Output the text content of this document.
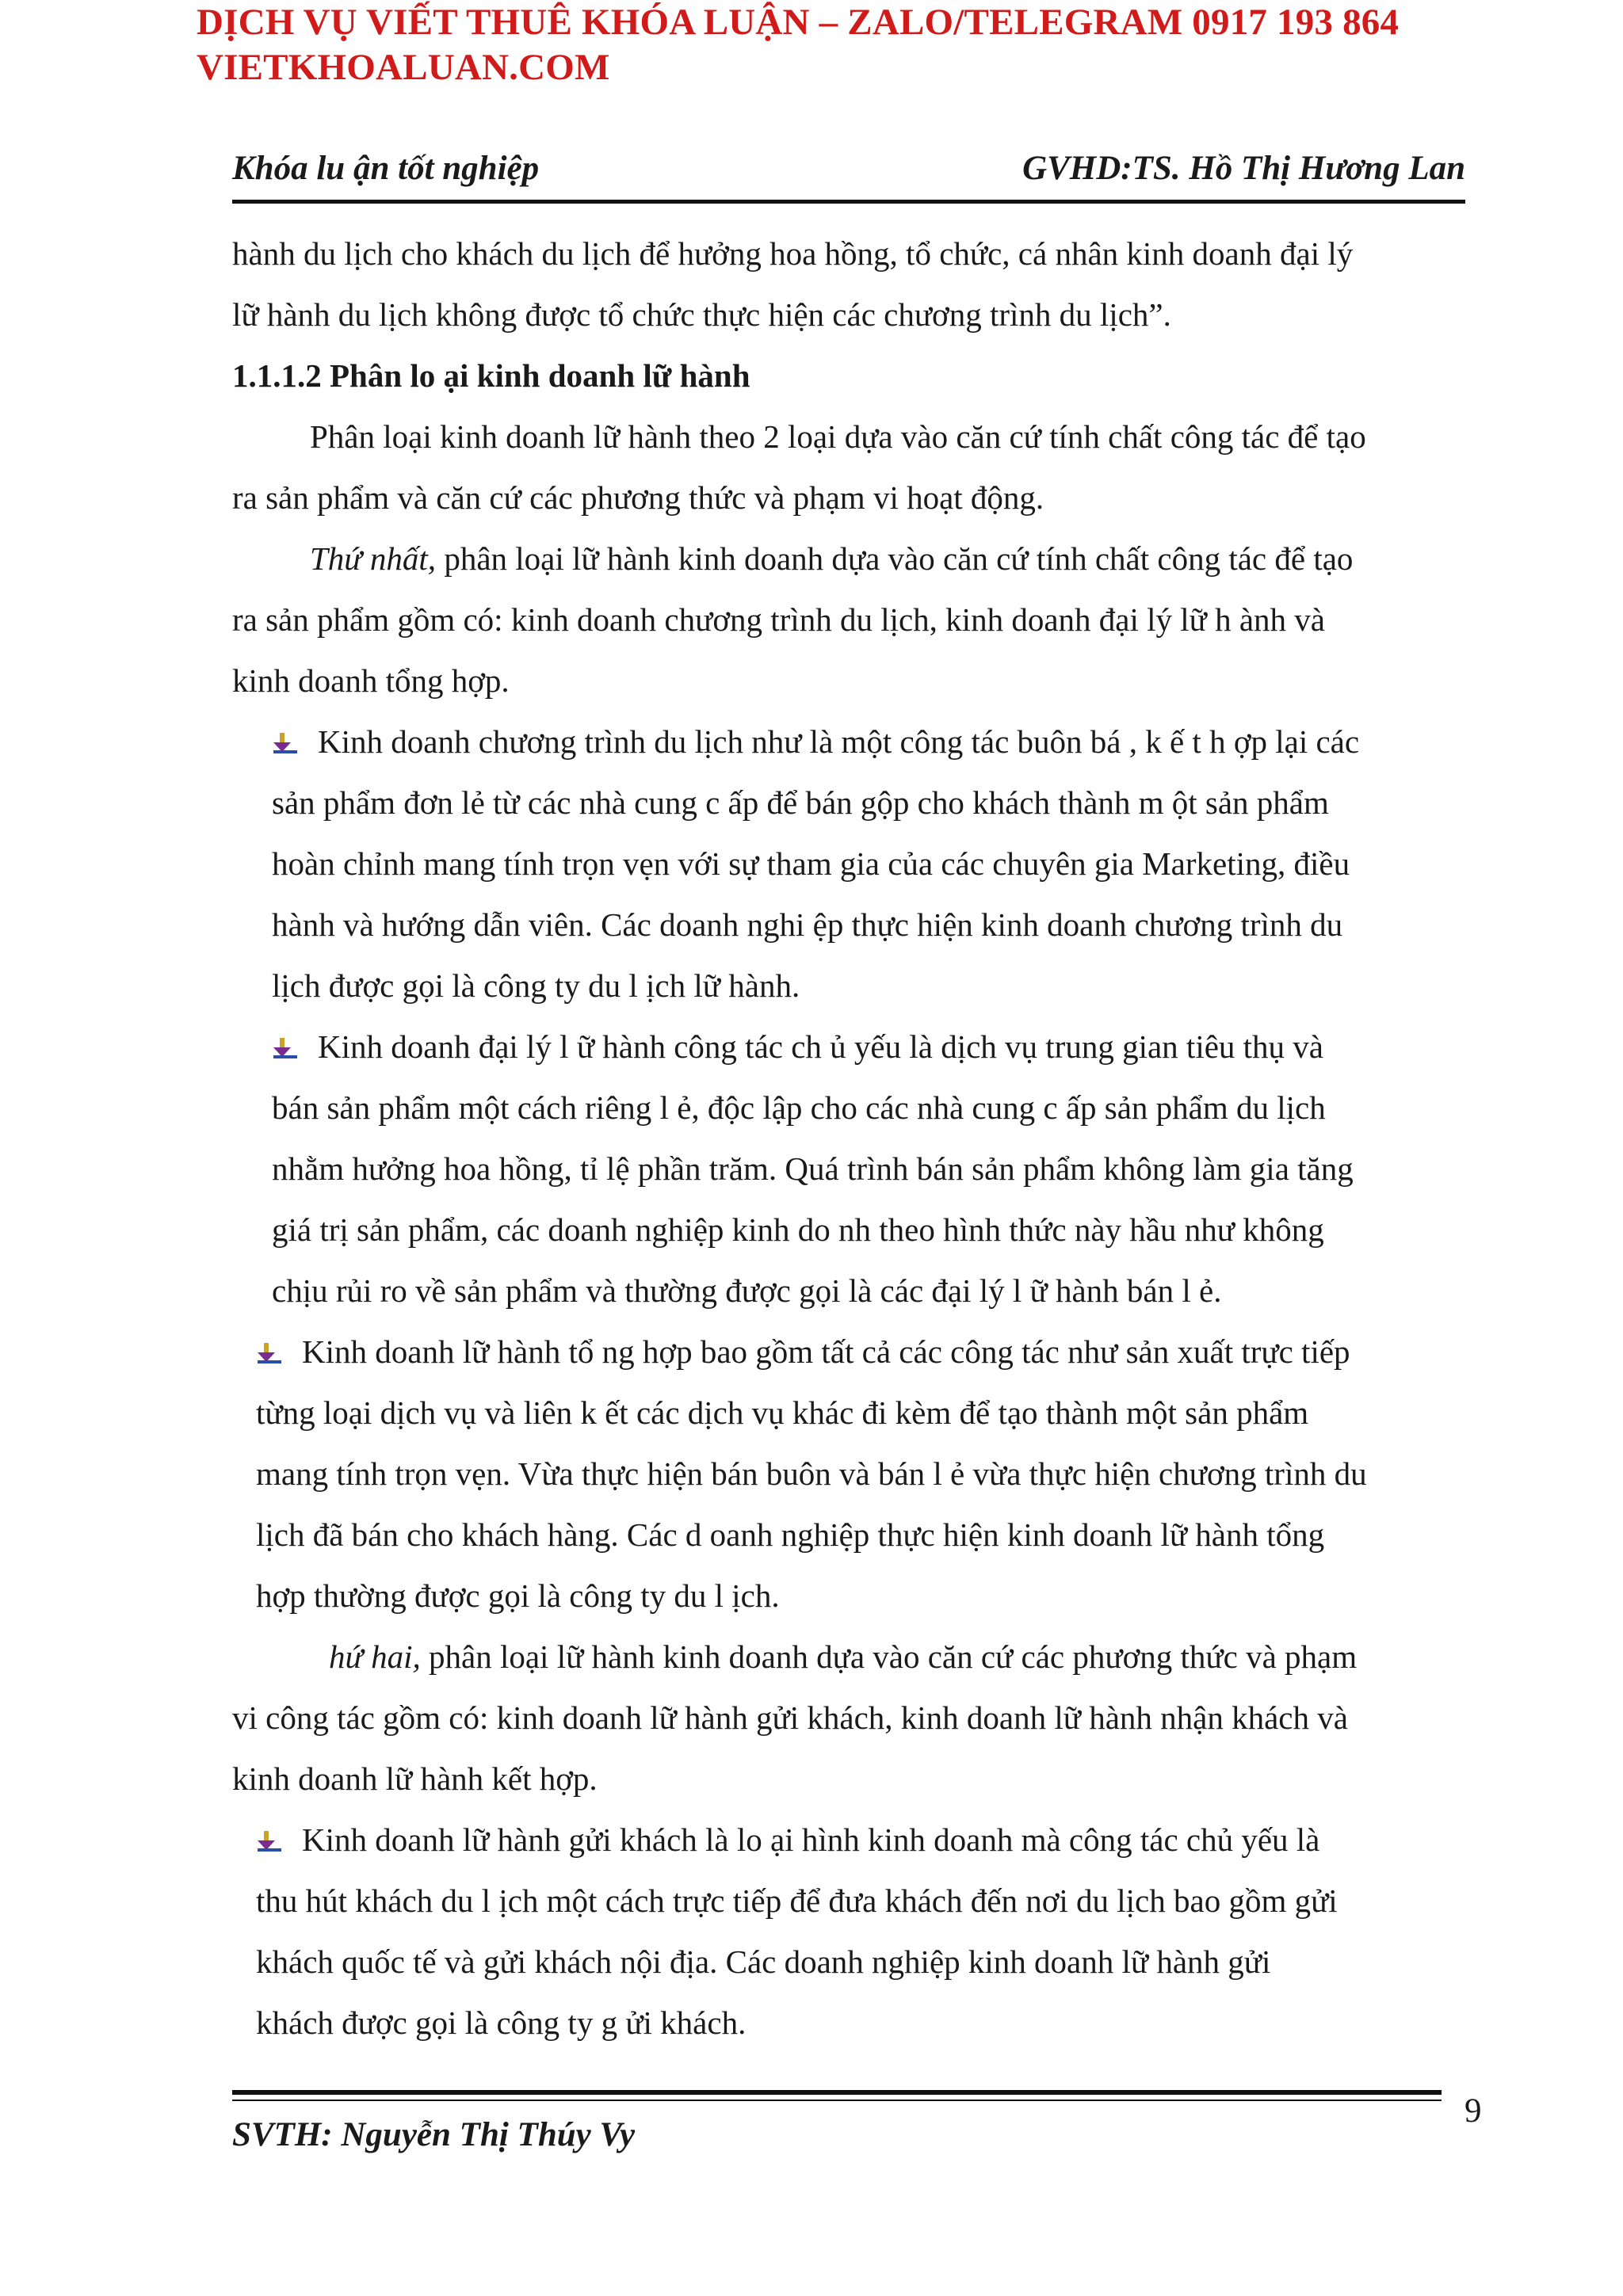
DỊCH VỤ VIẾT THUÊ KHÓA LUẬN – ZALO/TELEGRAM 0917 193 864
VIETKHOALUAN.COM
Khóa lu ận tốt nghiệp	GVHD:TS. Hồ Thị Hương Lan

hành du lịch cho khách du lịch để hưởng hoa hồng, tổ chức, cá nhân kinh doanh đại lý

lữ hành du lịch không được tổ chức thực hiện các chương trình du lịch”.

1.1.1.2 Phân lo ại kinh doanh lữ hành

Phân loại kinh doanh lữ hành theo 2 loại dựa vào căn cứ tính chất công tác để tạo

ra sản phẩm và căn cứ các phương thức và phạm vi hoạt động.

Thứ nhất, phân loại lữ hành kinh doanh dựa vào căn cứ tính chất công tác để tạo

ra sản phẩm gồm có: kinh doanh chương trình du lịch, kinh doanh đại lý lữ h ành và

kinh doanh tổng hợp.

Kinh doanh chương trình du lịch như là một công tác buôn bá , k ế t h ợp lại các

sản phẩm đơn lẻ từ các nhà cung c ấp để bán gộp cho khách thành m ột sản phẩm

hoàn chỉnh mang tính trọn vẹn với sự tham gia của các chuyên gia Marketing, điều

hành và hướng dẫn viên. Các doanh nghi ệp thực hiện kinh doanh chương trình du

lịch được gọi là công ty du l ịch lữ hành.

Kinh doanh đại lý l ữ hành công tác ch ủ yếu là dịch vụ trung gian tiêu thụ và

bán sản phẩm một cách riêng l ẻ, độc lập cho các nhà cung c ấp sản phẩm du lịch

nhằm hưởng hoa hồng, tỉ lệ phần trăm. Quá trình bán sản phẩm không làm gia tăng

giá trị sản phẩm, các doanh nghiệp kinh do nh theo hình thức này hầu như không

chịu rủi ro về sản phẩm và thường được gọi là các đại lý l ữ hành bán l ẻ.

Kinh doanh lữ hành tổ ng hợp bao gồm tất cả các công tác như sản xuất trực tiếp

từng loại dịch vụ và liên k ết các dịch vụ khác đi kèm để tạo thành một sản phẩm

mang tính trọn vẹn. Vừa thực hiện bán buôn và bán l ẻ vừa thực hiện chương trình du

lịch đã bán cho khách hàng. Các d oanh nghiệp thực hiện kinh doanh lữ hành tổng

hợp thường được gọi là công ty du l ịch.

hứ hai, phân loại lữ hành kinh doanh dựa vào căn cứ các phương thức và phạm

vi công tác gồm có: kinh doanh lữ hành gửi khách, kinh doanh lữ hành nhận khách và

kinh doanh lữ hành kết hợp.

Kinh doanh lữ hành gửi khách là lo ại hình kinh doanh mà công tác chủ yếu là

thu hút khách du l ịch một cách trực tiếp để đưa khách đến nơi du lịch bao gồm gửi

khách quốc tế và gửi khách nội địa. Các doanh nghiệp kinh doanh lữ hành gửi

khách được gọi là công ty g ửi khách.

9
SVTH: Nguyễn Thị Thúy Vy
